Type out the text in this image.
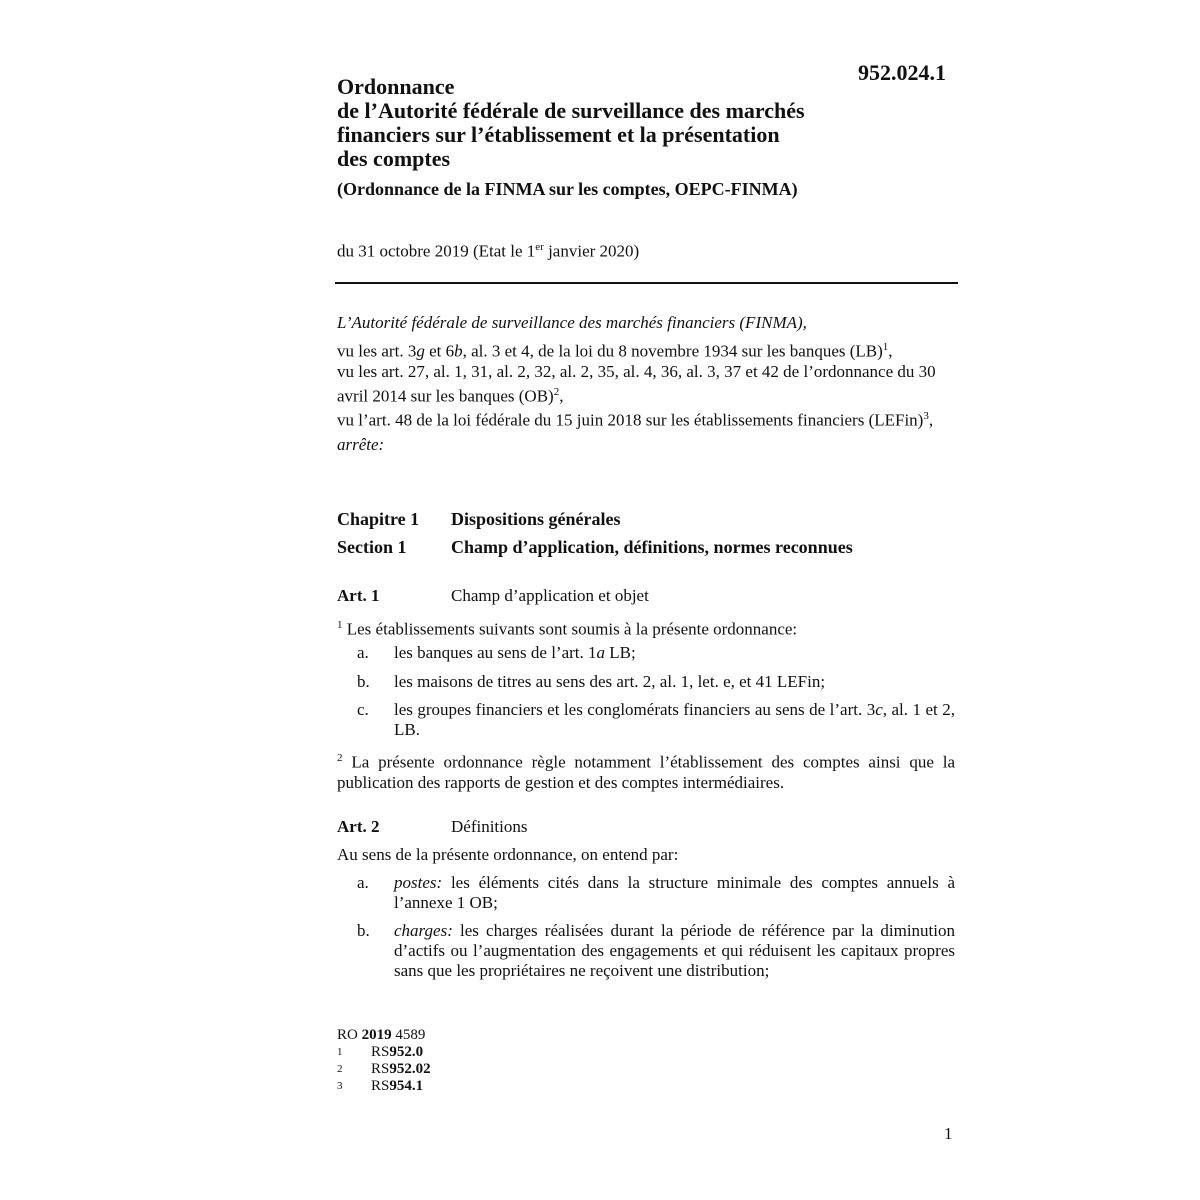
952.024.1
Ordonnance
de l’Autorité fédérale de surveillance des marchés
financiers sur l’établissement et la présentation
des comptes
(Ordonnance de la FINMA sur les comptes, OEPC-FINMA)
du 31 octobre 2019 (Etat le 1er janvier 2020)
L’Autorité fédérale de surveillance des marchés financiers (FINMA),
vu les art. 3g et 6b, al. 3 et 4, de la loi du 8 novembre 1934 sur les banques (LB)$^1$,
vu les art. 27, al. 1, 31, al. 2, 32, al. 2, 35, al. 4, 36, al. 3, 37 et 42 de l’ordonnance du 30 avril 2014 sur les banques (OB)$^2$,
vu l’art. 48 de la loi fédérale du 15 juin 2018 sur les établissements financiers (LEFin)$^3$,
arrête:
Chapitre 1 Dispositions générales
Section 1 Champ d’application, définitions, normes reconnues
Art. 1	Champ d’application et objet
$^1$ Les établissements suivants sont soumis à la présente ordonnance:
a.	les banques au sens de l’art. 1a LB;
b.	les maisons de titres au sens des art. 2, al. 1, let. e, et 41 LEFin;
c.	les groupes financiers et les conglomérats financiers au sens de l’art. 3c, al. 1 et 2, LB.
$^2$ La présente ordonnance règle notamment l’établissement des comptes ainsi que la publication des rapports de gestion et des comptes intermédiaires.
Art. 2	Définitions
Au sens de la présente ordonnance, on entend par:
a.	postes: les éléments cités dans la structure minimale des comptes annuels à l’annexe 1 OB;
b.	charges: les charges réalisées durant la période de référence par la diminution d’actifs ou l’augmentation des engagements et qui réduisent les capitaux propres sans que les propriétaires ne reçoivent une distribution;
RO 2019 4589
1	RS 952.0
2	RS 952.02
3	RS 954.1
1
